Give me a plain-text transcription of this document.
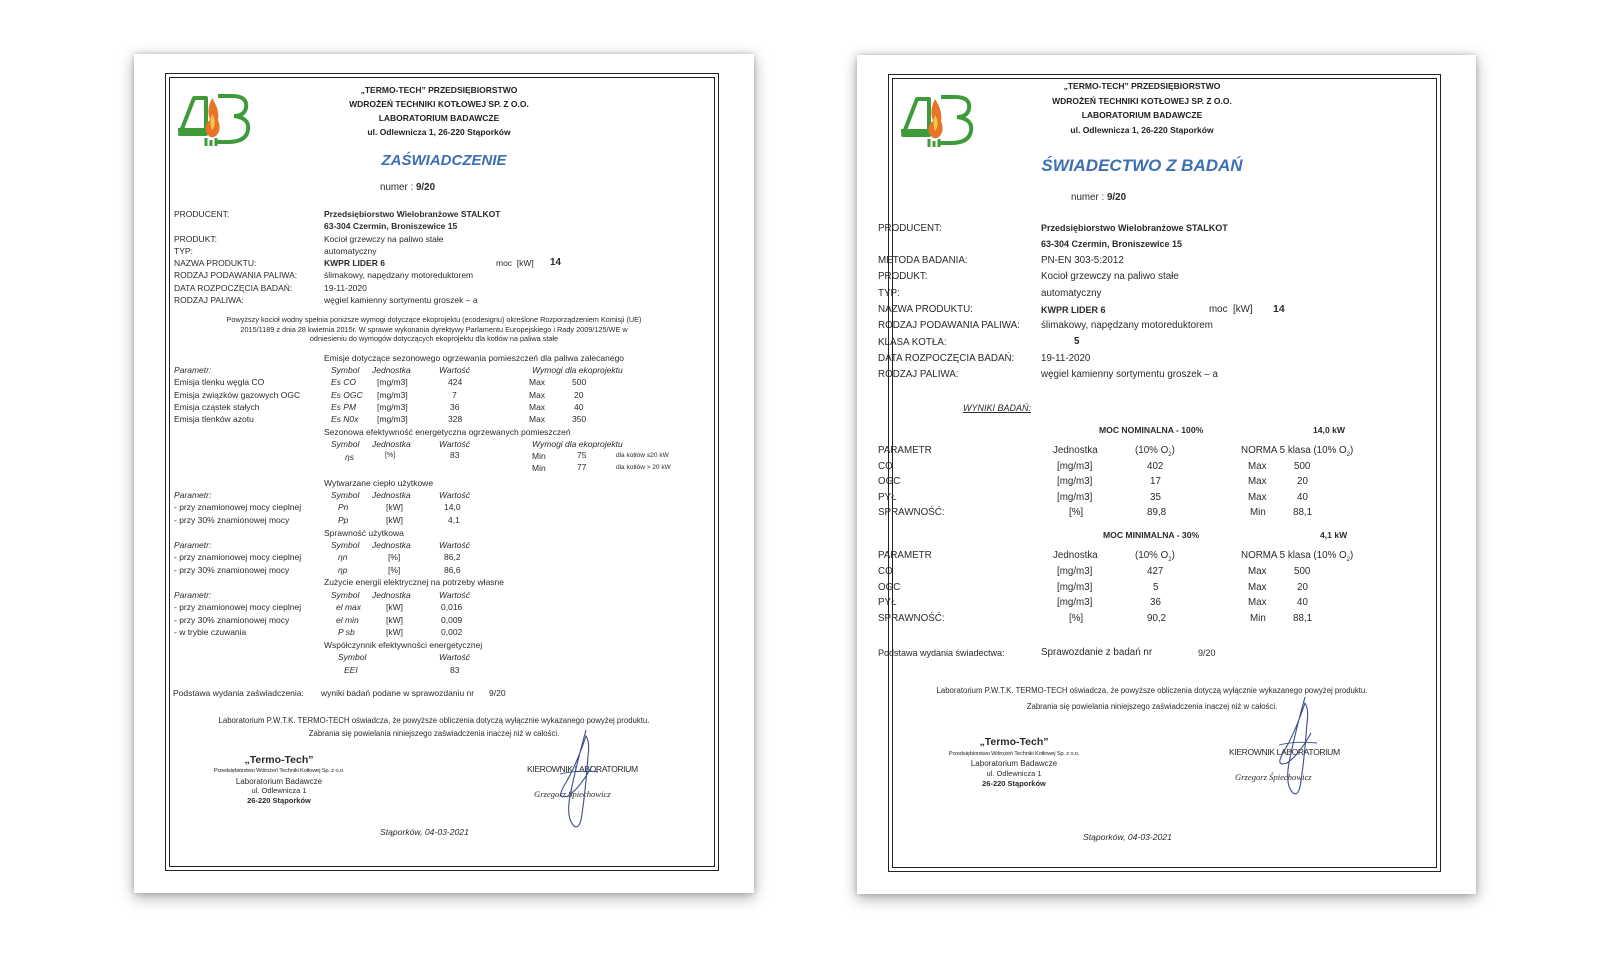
„TERMO-TECH” PRZEDSIĘBIORSTWO
WDROŻEŃ TECHNIKI KOTŁOWEJ SP. Z O.O.
LABORATORIUM BADAWCZE
ul. Odlewnicza 1, 26-220 Stąporków
ZAŚWIADCZENIE
numer : 9/20
PRODUCENT:	Przedsiębiorstwo Wielobranżowe STALKOT
63-304 Czermin, Broniszewice 15
PRODUKT:	Kocioł grzewczy na paliwo stałe
TYP:	automatyczny
NAZWA PRODUKTU:	KWPR LIDER 6	moc [kW] 14
RODZAJ PODAWANIA PALIWA:	ślimakowy, napędzany motoreduktorem
DATA ROZPOCZĘCIA BADAŃ:	19-11-2020
RODZAJ PALIWA:	węgiel kamienny sortymentu groszek – a
Powyższy kocioł wodny spełnia poniższe wymogi dotyczące ekoprojektu (ecodesignu) określone Rozporządzeniem Komisji (UE)
2015/1189 z dnia 28 kwietnia 2015r. W sprawie wykonania dyrektywy Parlamentu Europejskiego i Rady 2009/125/WE w
odniesieniu do wymogów dotyczących ekoprojektu dla kotłów na paliwa stałe
Emisje dotyczące sezonowego ogrzewania pomieszczeń dla paliwa zalecanego
Parametr:	Symbol Jednostka	Wartość	Wymogi dla ekoprojektu
Emisja tlenku węgla CO	Es CO [mg/m3]	424	Max	500
Emisja związków gazowych OGC	Es OGC [mg/m3]	7	Max	20
Emisja cząstek stałych	Es PM [mg/m3]	36	Max	40
Emisja tlenków azotu	Es N0x [mg/m3]	328	Max	350
Sezonowa efektywność energetyczna ogrzewanych pomieszczeń
Symbol Jednostka	Wartość	Wymogi dla ekoprojektu
ηs	[%]	83	Min	75	dla kotłów ≤20 kW
Min	77	dla kotłów > 20 kW
Wytwarzane ciepło użytkowe
Parametr:	Symbol Jednostka	Wartość
- przy znamionowej mocy cieplnej	Pn	[kW]	14,0
- przy 30% znamionowej mocy	Pp	[kW]	4,1
Sprawność użytkowa
Parametr:	Symbol Jednostka	Wartość
- przy znamionowej mocy cieplnej	ηn	[%]	86,2
- przy 30% znamionowej mocy	ηp	[%]	86,6
Zużycie energii elektrycznej na potrzeby własne
Parametr:	Symbol Jednostka	Wartość
- przy znamionowej mocy cieplnej	el max	[kW]	0,016
- przy 30% znamionowej mocy	el min	[kW]	0,009
- w trybie czuwania	P sb	[kW]	0,002
Współczynnik efektywności energetycznej
Symbol	Wartość
EEI	83
Podstawa wydania zaświadczenia: wyniki badań podane w sprawozdaniu nr 9/20
Laboratorium P.W.T.K. TERMO-TECH oświadcza, że powyższe obliczenia dotyczą wyłącznie wykazanego powyżej produktu.
Zabrania się powielania niniejszego zaświadczenia inaczej niż w całości.
„Termo-Tech”
Przedsiębiorstwo Wdrożeń Techniki Kotłowej Sp. z o.o.
Laboratorium Badawcze
ul. Odlewnicza 1
26-220 Stąporków
KIEROWNIK LABORATORIUM
Grzegorz Śpiechowicz
Stąporków, 04-03-2021
„TERMO-TECH” PRZEDSIĘBIORSTWO
WDROŻEŃ TECHNIKI KOTŁOWEJ SP. Z O.O.
LABORATORIUM BADAWCZE
ul. Odlewnicza 1, 26-220 Stąporków
ŚWIADECTWO Z BADAŃ
numer : 9/20
PRODUCENT:	Przedsiębiorstwo Wielobranżowe STALKOT
63-304 Czermin, Broniszewice 15
METODA BADANIA:	PN-EN 303-5:2012
PRODUKT:	Kocioł grzewczy na paliwo stałe
TYP:	automatyczny
NAZWA PRODUKTU:	KWPR LIDER 6	moc [kW] 14
RODZAJ PODAWANIA PALIWA: ślimakowy, napędzany motoreduktorem
KLASA KOTŁA:	5
DATA ROZPOCZĘCIA BADAŃ:	19-11-2020
RODZAJ PALIWA:	węgiel kamienny sortymentu groszek – a
WYNIKI BADAŃ:
MOC NOMINALNA - 100%	14,0 kW
PARAMETR	Jednostka	(10% $O_2$)	NORMA 5 klasa (10% $O_2$)
CO	[mg/m3]	402	Max	500
OGC	[mg/m3]	17	Max	20
PYŁ	[mg/m3]	35	Max	40
SPRAWNOŚĆ:	[%]	89,8	Min	88,1
MOC MINIMALNA - 30%	4,1 kW
PARAMETR	Jednostka	(10% $O_2$)	NORMA 5 klasa (10% $O_2$)
CO	[mg/m3]	427	Max	500
OGC	[mg/m3]	5	Max	20
PYŁ	[mg/m3]	36	Max	40
SPRAWNOŚĆ:	[%]	90,2	Min	88,1
Podstawa wydania świadectwa:	Sprawozdanie z badań nr	9/20
Laboratorium P.W.T.K. TERMO-TECH oświadcza, że powyższe obliczenia dotyczą wyłącznie wykazanego powyżej produktu.
Zabrania się powielania niniejszego zaświadczenia inaczej niż w całości.
„Termo-Tech”
Przedsiębiorstwo Wdrożeń Techniki Kotłowej Sp. z o.o.
Laboratorium Badawcze
ul. Odlewnicza 1
26-220 Stąporków
KIEROWNIK LABORATORIUM
Grzegorz Śpiechowicz
Stąporków, 04-03-2021
